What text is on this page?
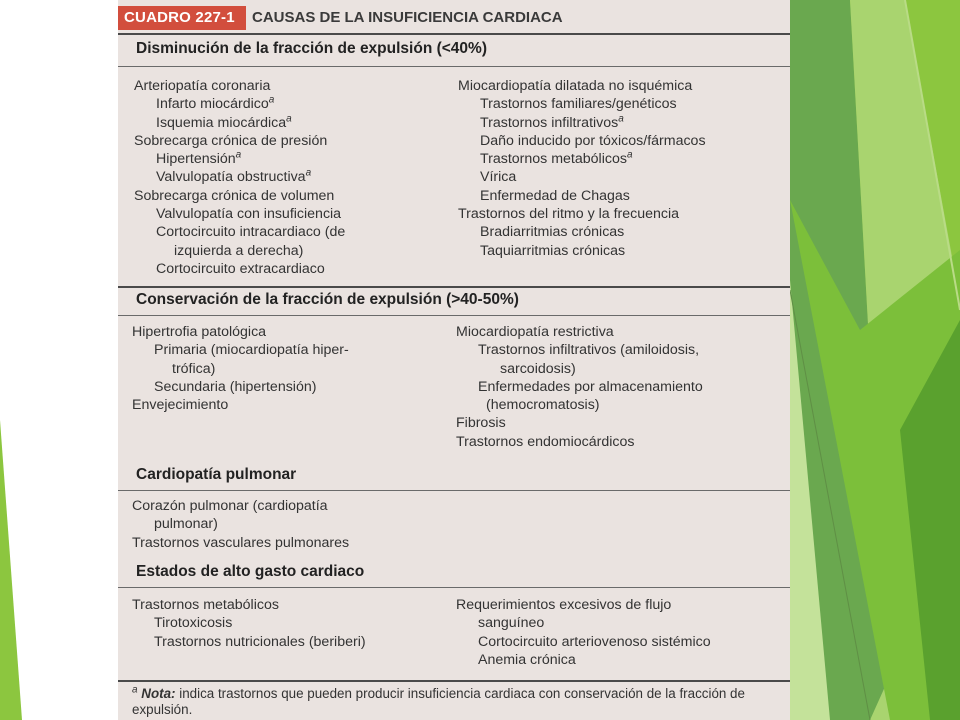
CUADRO 227-1	CAUSAS DE LA INSUFICIENCIA CARDIACA
Disminución de la fracción de expulsión (<40%)
Arteriopatía coronaria
Infarto miocárdico$^a$
Isquemia miocárdica$^a$
Sobrecarga crónica de presión
Hipertensión$^a$
Valvulopatía obstructiva$^a$
Sobrecarga crónica de volumen
Valvulopatía con insuficiencia
Cortocircuito intracardiaco (de
izquierda a derecha)
Cortocircuito extracardiaco
Miocardiopatía dilatada no isquémica
Trastornos familiares/genéticos
Trastornos infiltrativos$^a$
Daño inducido por tóxicos/fármacos
Trastornos metabólicos$^a$
Vírica
Enfermedad de Chagas
Trastornos del ritmo y la frecuencia
Bradiarritmias crónicas
Taquiarritmias crónicas
Conservación de la fracción de expulsión (>40-50%)
Hipertrofia patológica
Primaria (miocardiopatía hiper-
trófica)
Secundaria (hipertensión)
Envejecimiento
Miocardiopatía restrictiva
Trastornos infiltrativos (amiloidosis,
sarcoidosis)
Enfermedades por almacenamiento
(hemocromatosis)
Fibrosis
Trastornos endomiocárdicos
Cardiopatía pulmonar
Corazón pulmonar (cardiopatía
pulmonar)
Trastornos vasculares pulmonares
Estados de alto gasto cardiaco
Trastornos metabólicos
Tirotoxicosis
Trastornos nutricionales (beriberi)
Requerimientos excesivos de flujo
sanguíneo
Cortocircuito arteriovenoso sistémico
Anemia crónica
$^a$ Nota: indica trastornos que pueden producir insuficiencia cardiaca con conservación de la fracción de expulsión.
